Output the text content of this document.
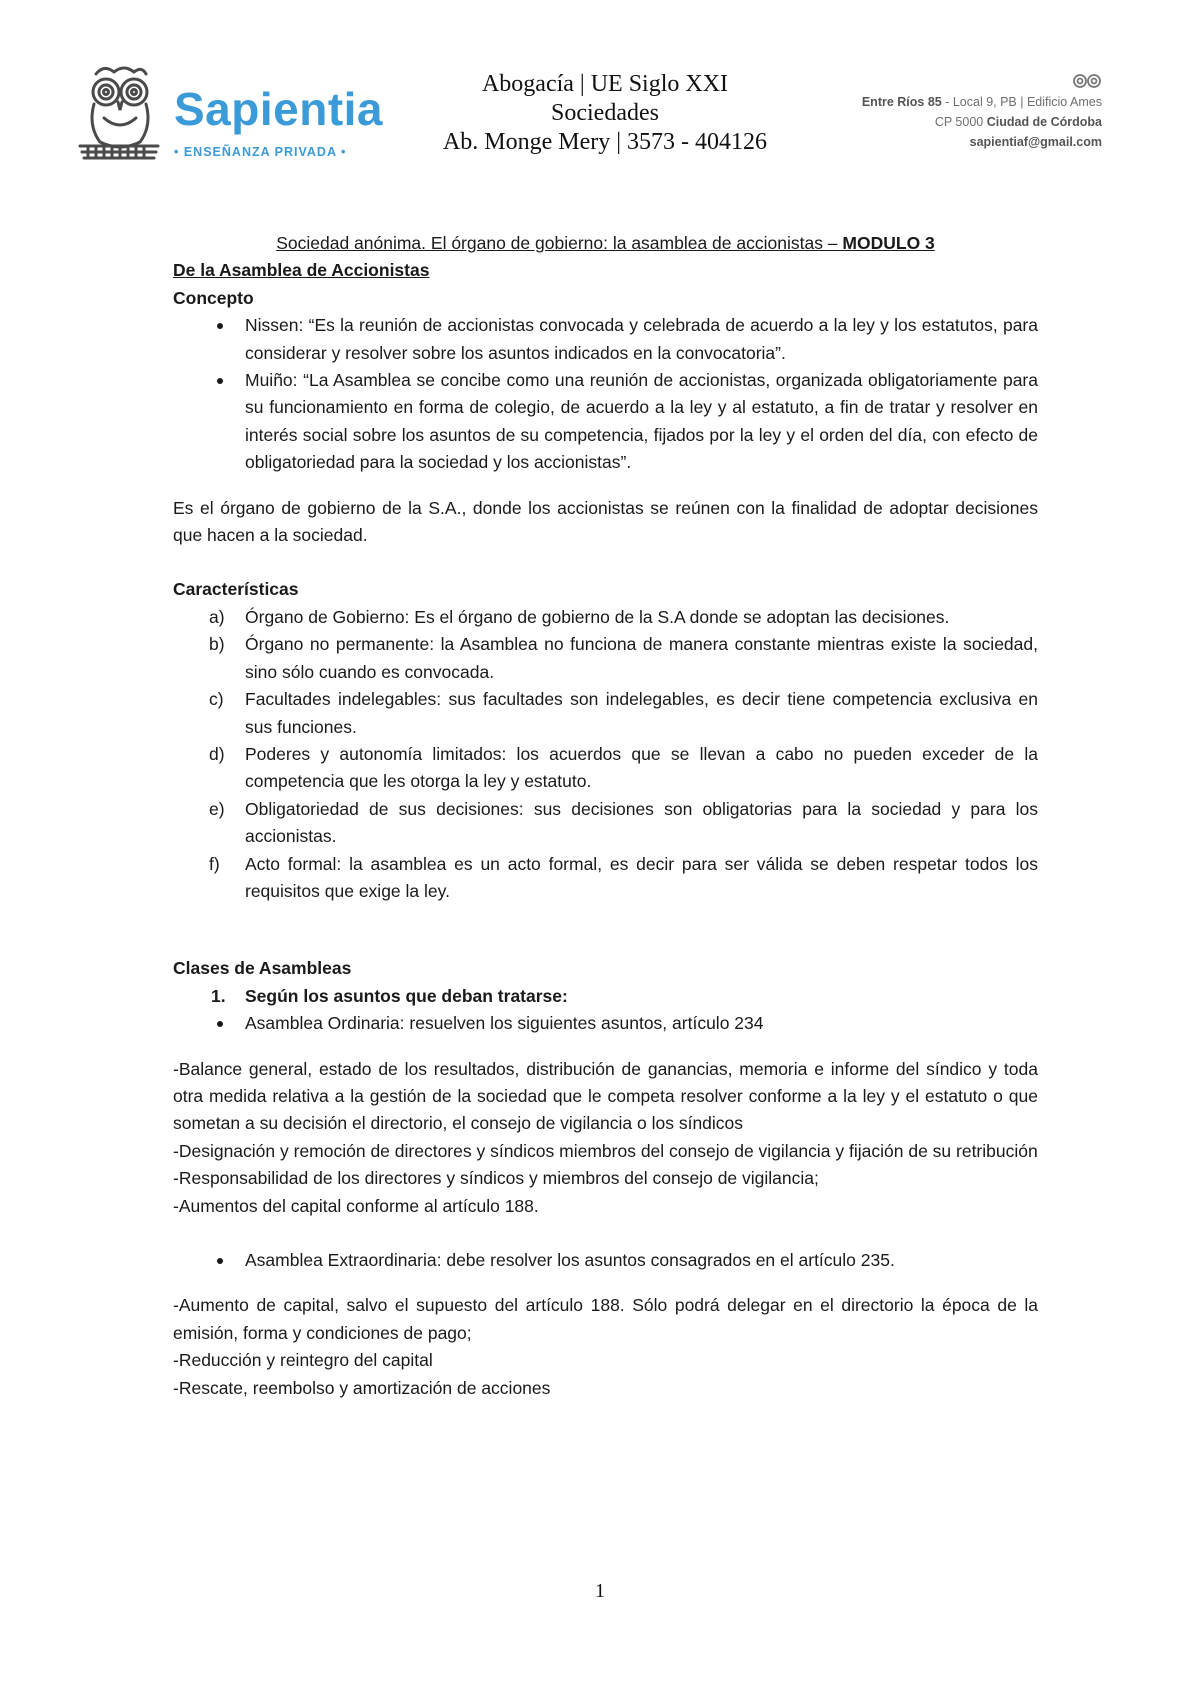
Sapientia
• ENSEÑANZA PRIVADA •
Abogacía | UE Siglo XXI
Sociedades
Ab. Monge Mery | 3573 - 404126
Entre Ríos 85 - Local 9, PB | Edificio Ames
CP 5000 Ciudad de Córdoba
sapientiaf@gmail.com

Sociedad anónima. El órgano de gobierno: la asamblea de accionistas – MODULO 3

De la Asamblea de Accionistas

Concepto

Nissen: “Es la reunión de accionistas convocada y celebrada de acuerdo a la ley y los estatutos, para considerar y resolver sobre los asuntos indicados en la convocatoria”.
Muiño: “La Asamblea se concibe como una reunión de accionistas, organizada obligatoriamente para su funcionamiento en forma de colegio, de acuerdo a la ley y al estatuto, a fin de tratar y resolver en interés social sobre los asuntos de su competencia, fijados por la ley y el orden del día, con efecto de obligatoriedad para la sociedad y los accionistas”.

Es el órgano de gobierno de la S.A., donde los accionistas se reúnen con la finalidad de adoptar decisiones que hacen a la sociedad.

Características

a) Órgano de Gobierno: Es el órgano de gobierno de la S.A donde se adoptan las decisiones.
b) Órgano no permanente: la Asamblea no funciona de manera constante mientras existe la sociedad, sino sólo cuando es convocada.
c) Facultades indelegables: sus facultades son indelegables, es decir tiene competencia exclusiva en sus funciones.
d) Poderes y autonomía limitados: los acuerdos que se llevan a cabo no pueden exceder de la competencia que les otorga la ley y estatuto.
e) Obligatoriedad de sus decisiones: sus decisiones son obligatorias para la sociedad y para los accionistas.
f) Acto formal: la asamblea es un acto formal, es decir para ser válida se deben respetar todos los requisitos que exige la ley.

Clases de Asambleas

1. Según los asuntos que deban tratarse:
Asamblea Ordinaria: resuelven los siguientes asuntos, artículo 234

-Balance general, estado de los resultados, distribución de ganancias, memoria e informe del síndico y toda otra medida relativa a la gestión de la sociedad que le competa resolver conforme a la ley y el estatuto o que sometan a su decisión el directorio, el consejo de vigilancia o los síndicos

-Designación y remoción de directores y síndicos miembros del consejo de vigilancia y fijación de su retribución

-Responsabilidad de los directores y síndicos y miembros del consejo de vigilancia;

-Aumentos del capital conforme al artículo 188.

Asamblea Extraordinaria: debe resolver los asuntos consagrados en el artículo 235.

-Aumento de capital, salvo el supuesto del artículo 188. Sólo podrá delegar en el directorio la época de la emisión, forma y condiciones de pago;

-Reducción y reintegro del capital

-Rescate, reembolso y amortización de acciones

1
